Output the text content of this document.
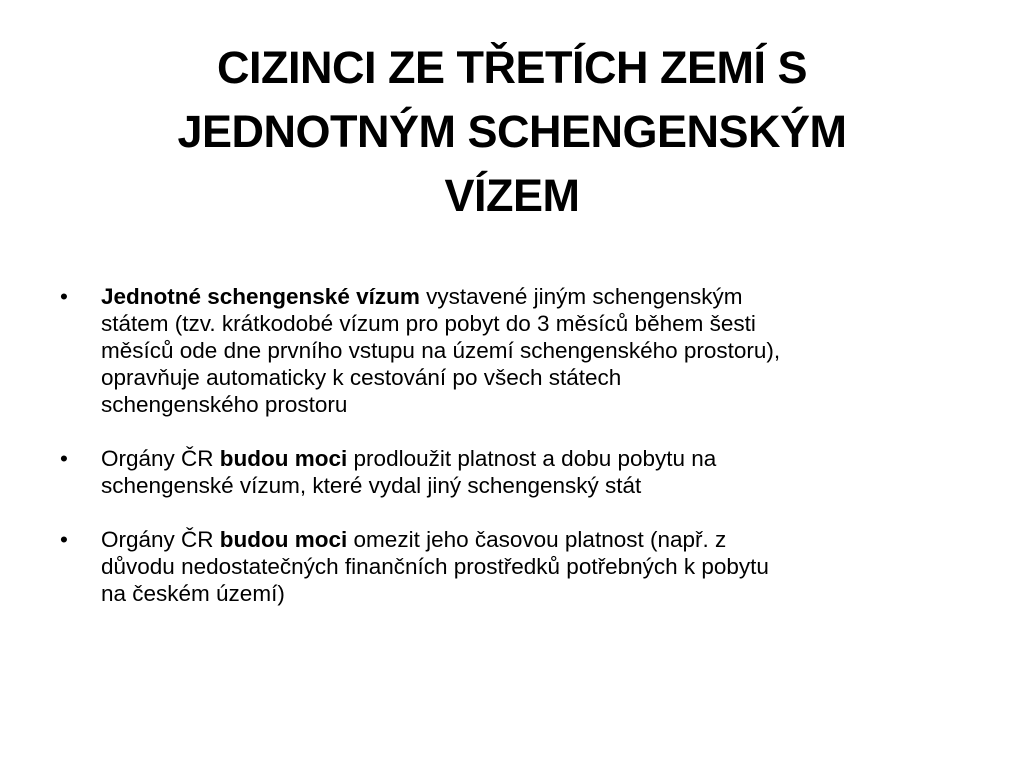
CIZINCI ZE TŘETÍCH ZEMÍ S
JEDNOTNÝM SCHENGENSKÝM
VÍZEM
•	Jednotné schengenské vízum vystavené jiným schengenským
státem (tzv. krátkodobé vízum pro pobyt do 3 měsíců během šesti
měsíců ode dne prvního vstupu na území schengenského prostoru),
opravňuje automaticky k cestování po všech státech
schengenského prostoru
•	Orgány ČR budou moci prodloužit platnost a dobu pobytu na
schengenské vízum, které vydal jiný schengenský stát
•	Orgány ČR budou moci omezit jeho časovou platnost (např. z
důvodu nedostatečných finančních prostředků potřebných k pobytu
na českém území)
